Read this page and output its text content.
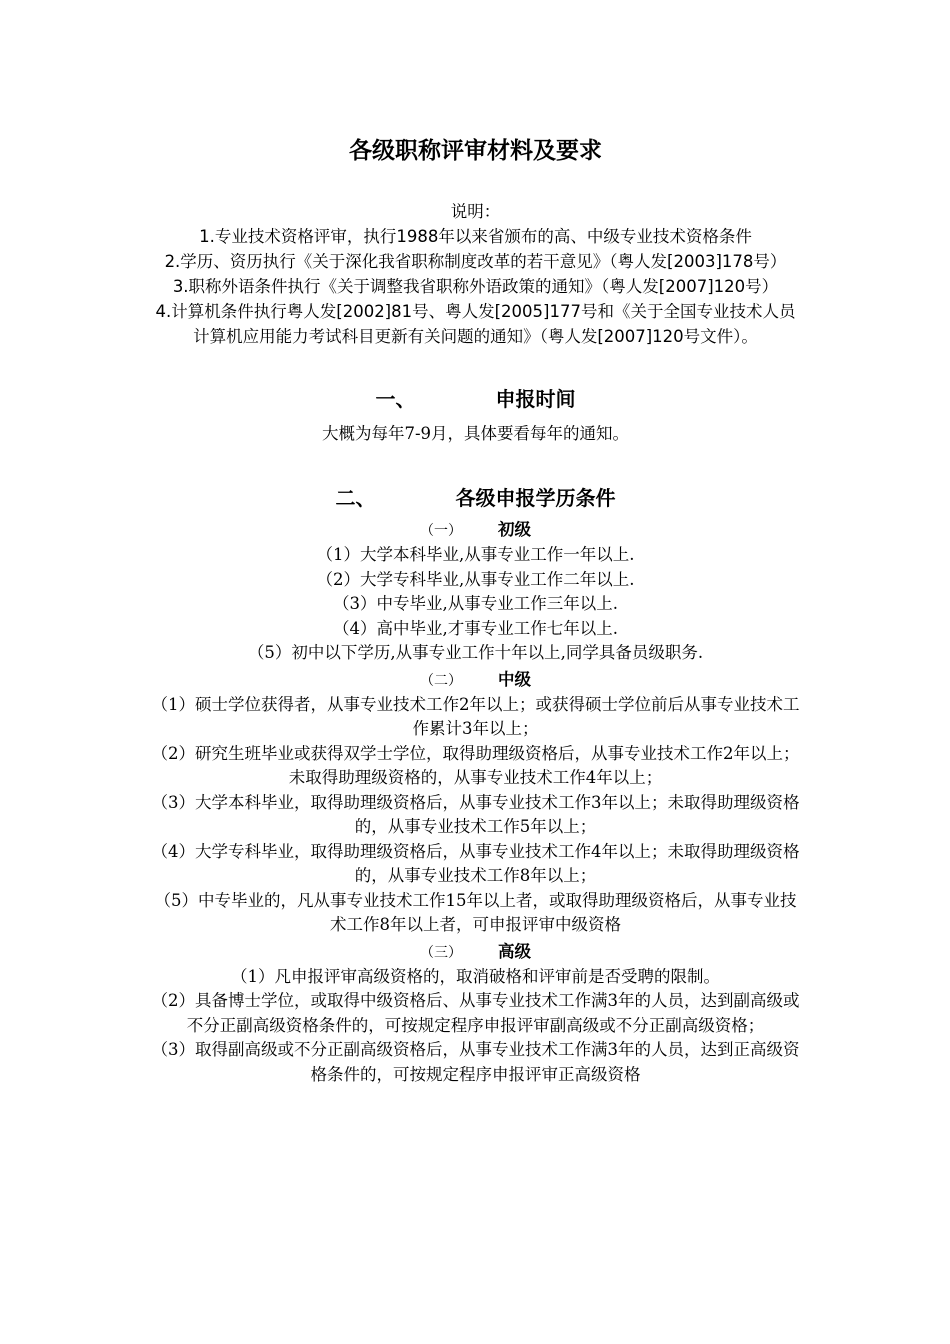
各级职称评审材料及要求

说明：

1.专业技术资格评审，执行1988年以来省颁布的高、中级专业技术资格条件

2.学历、资历执行《关于深化我省职称制度改革的若干意见》（粤人发[2003]178号）

3.职称外语条件执行《关于调整我省职称外语政策的通知》（粤人发[2007]120号）

4.计算机条件执行粤人发[2002]81号、粤人发[2005]177号和《关于全国专业技术人员计算机应用能力考试科目更新有关问题的通知》（粤人发[2007]120号文件）。

一、	申报时间

大概为每年7-9月，具体要看每年的通知。

二、	各级申报学历条件
（一） 初级

（1）大学本科毕业,从事专业工作一年以上.

（2）大学专科毕业,从事专业工作二年以上.

（3）中专毕业,从事专业工作三年以上.

（4）高中毕业,才事专业工作七年以上.

（5）初中以下学历,从事专业工作十年以上,同学具备员级职务.

（二） 中级

（1）硕士学位获得者，从事专业技术工作2年以上；或获得硕士学位前后从事专业技术工作累计3年以上；

（2）研究生班毕业或获得双学士学位，取得助理级资格后，从事专业技术工作2年以上；未取得助理级资格的，从事专业技术工作4年以上；

（3）大学本科毕业，取得助理级资格后，从事专业技术工作3年以上；未取得助理级资格的，从事专业技术工作5年以上；

（4）大学专科毕业，取得助理级资格后，从事专业技术工作4年以上；未取得助理级资格的，从事专业技术工作8年以上；

（5）中专毕业的，凡从事专业技术工作15年以上者，或取得助理级资格后，从事专业技术工作8年以上者，可申报评审中级资格

（三） 高级

（1）凡申报评审高级资格的，取消破格和评审前是否受聘的限制。

（2）具备博士学位，或取得中级资格后、从事专业技术工作满3年的人员，达到副高级或不分正副高级资格条件的，可按规定程序申报评审副高级或不分正副高级资格；

（3）取得副高级或不分正副高级资格后，从事专业技术工作满3年的人员，达到正高级资格条件的，可按规定程序申报评审正高级资格
